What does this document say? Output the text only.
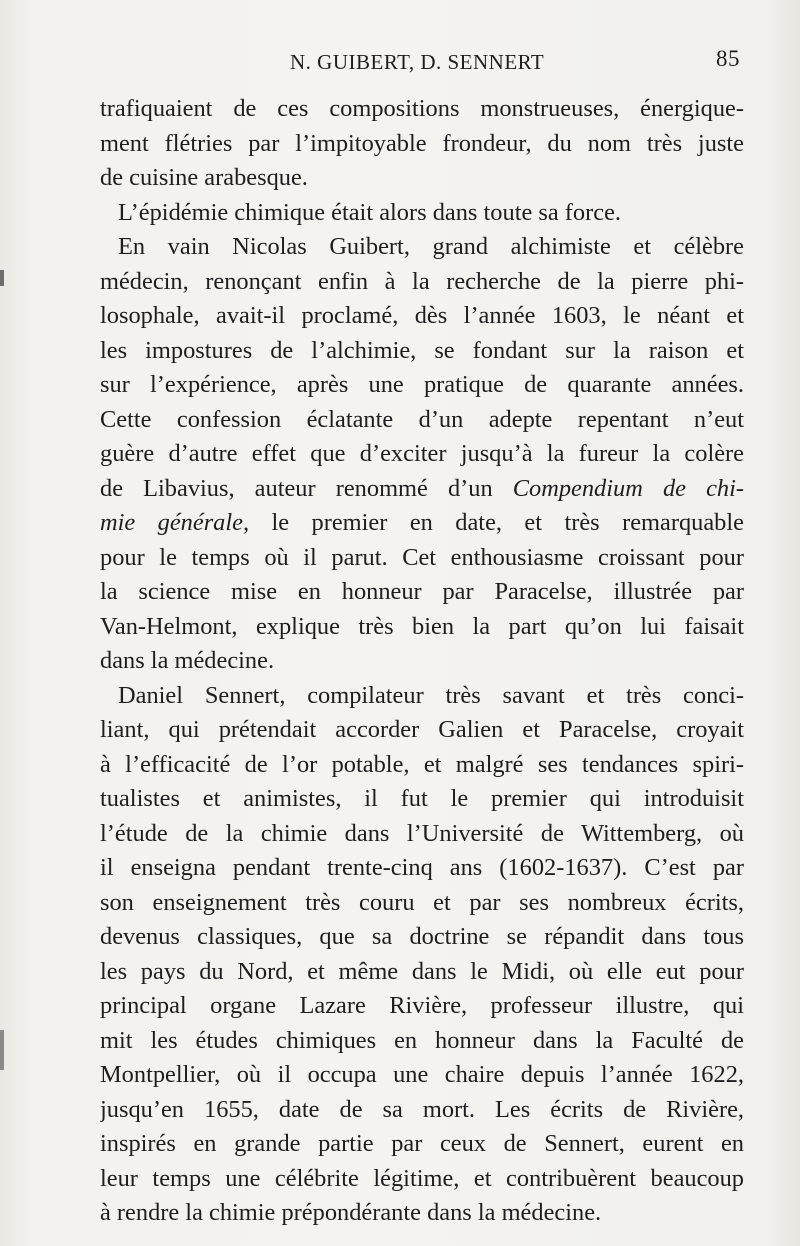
N. GUIBERT, D. SENNERT	85
trafiquaient de ces compositions monstrueuses, énergique-
ment flétries par l’impitoyable frondeur, du nom très juste
de cuisine arabesque.
L’épidémie chimique était alors dans toute sa force.
En vain Nicolas Guibert, grand alchimiste et célèbre
médecin, renonçant enfin à la recherche de la pierre phi-
losophale, avait-il proclamé, dès l’année 1603, le néant et
les impostures de l’alchimie, se fondant sur la raison et
sur l’expérience, après une pratique de quarante années.
Cette confession éclatante d’un adepte repentant n’eut
guère d’autre effet que d’exciter jusqu’à la fureur la colère
de Libavius, auteur renommé d’un Compendium de chi-
mie générale, le premier en date, et très remarquable
pour le temps où il parut. Cet enthousiasme croissant pour
la science mise en honneur par Paracelse, illustrée par
Van-Helmont, explique très bien la part qu’on lui faisait
dans la médecine.
Daniel Sennert, compilateur très savant et très conci-
liant, qui prétendait accorder Galien et Paracelse, croyait
à l’efficacité de l’or potable, et malgré ses tendances spiri-
tualistes et animistes, il fut le premier qui introduisit
l’étude de la chimie dans l’Université de Wittemberg, où
il enseigna pendant trente-cinq ans (1602-1637). C’est par
son enseignement très couru et par ses nombreux écrits,
devenus classiques, que sa doctrine se répandit dans tous
les pays du Nord, et même dans le Midi, où elle eut pour
principal organe Lazare Rivière, professeur illustre, qui
mit les études chimiques en honneur dans la Faculté de
Montpellier, où il occupa une chaire depuis l’année 1622,
jusqu’en 1655, date de sa mort. Les écrits de Rivière,
inspirés en grande partie par ceux de Sennert, eurent en
leur temps une célébrite légitime, et contribuèrent beaucoup
à rendre la chimie prépondérante dans la médecine.
